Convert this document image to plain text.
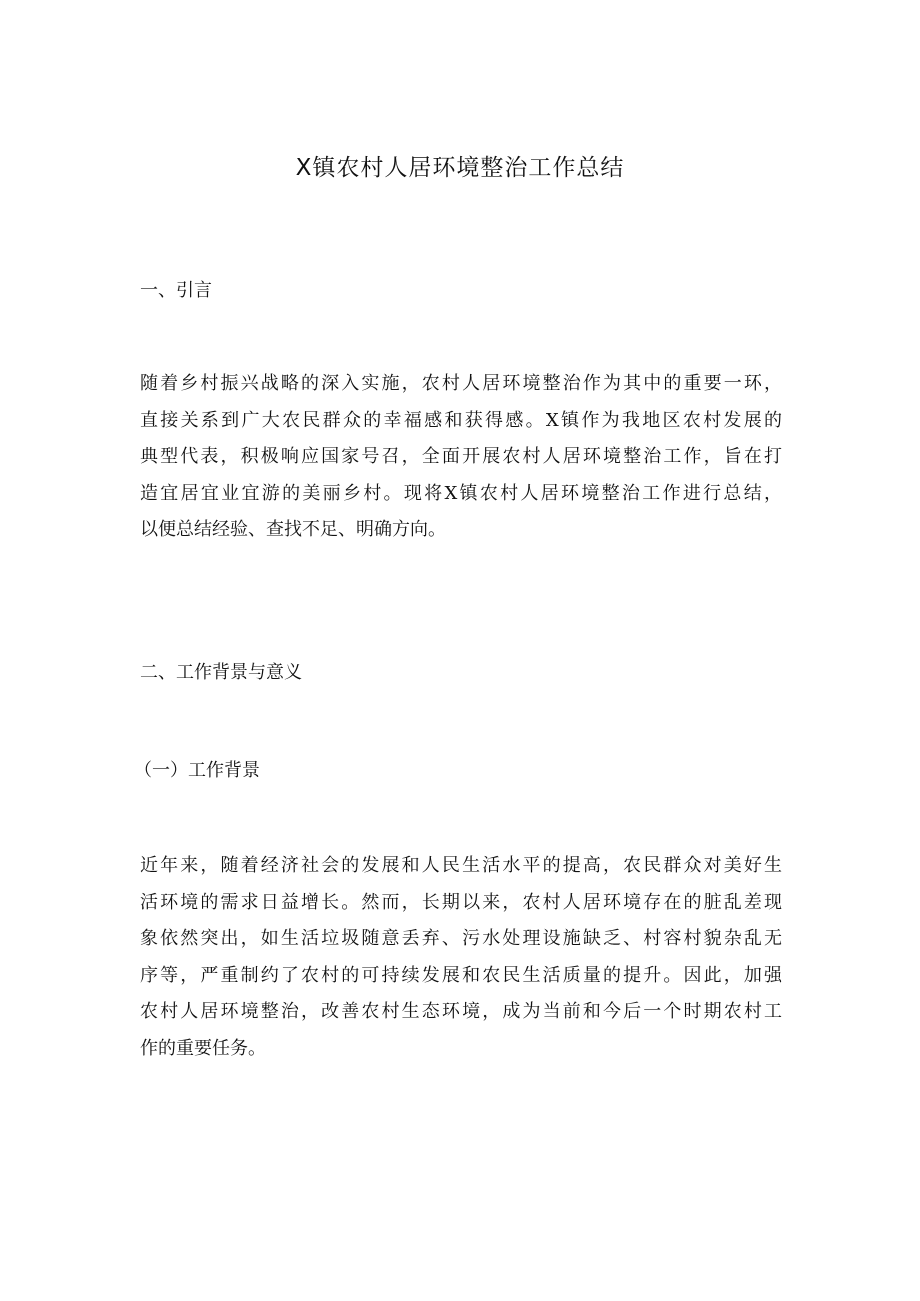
X镇农村人居环境整治工作总结
一、引言
随着乡村振兴战略的深入实施，农村人居环境整治作为其中的重要一环，
直接关系到广大农民群众的幸福感和获得感。X镇作为我地区农村发展的
典型代表，积极响应国家号召，全面开展农村人居环境整治工作，旨在打
造宜居宜业宜游的美丽乡村。现将X镇农村人居环境整治工作进行总结，
以便总结经验、查找不足、明确方向。
二、工作背景与意义
（一）工作背景
近年来，随着经济社会的发展和人民生活水平的提高，农民群众对美好生
活环境的需求日益增长。然而，长期以来，农村人居环境存在的脏乱差现
象依然突出，如生活垃圾随意丢弃、污水处理设施缺乏、村容村貌杂乱无
序等，严重制约了农村的可持续发展和农民生活质量的提升。因此，加强
农村人居环境整治，改善农村生态环境，成为当前和今后一个时期农村工
作的重要任务。
